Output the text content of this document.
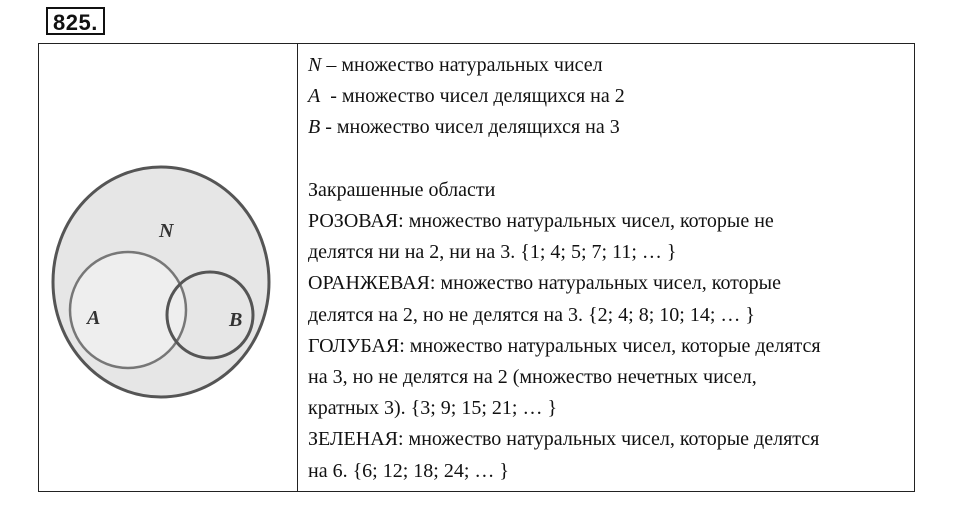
825.
N
A	B
N – множество натуральных чисел
A  - множество чисел делящихся на 2
B - множество чисел делящихся на 3
Закрашенные области
РОЗОВАЯ: множество натуральных чисел, которые не
делятся ни на 2, ни на 3. {1; 4; 5; 7; 11; … }
ОРАНЖЕВАЯ: множество натуральных чисел, которые
делятся на 2, но не делятся на 3. {2; 4; 8; 10; 14; … }
ГОЛУБАЯ: множество натуральных чисел, которые делятся
на 3, но не делятся на 2 (множество нечетных чисел,
кратных 3). {3; 9; 15; 21; … }
ЗЕЛЕНАЯ: множество натуральных чисел, которые делятся
на 6. {6; 12; 18; 24; … }
